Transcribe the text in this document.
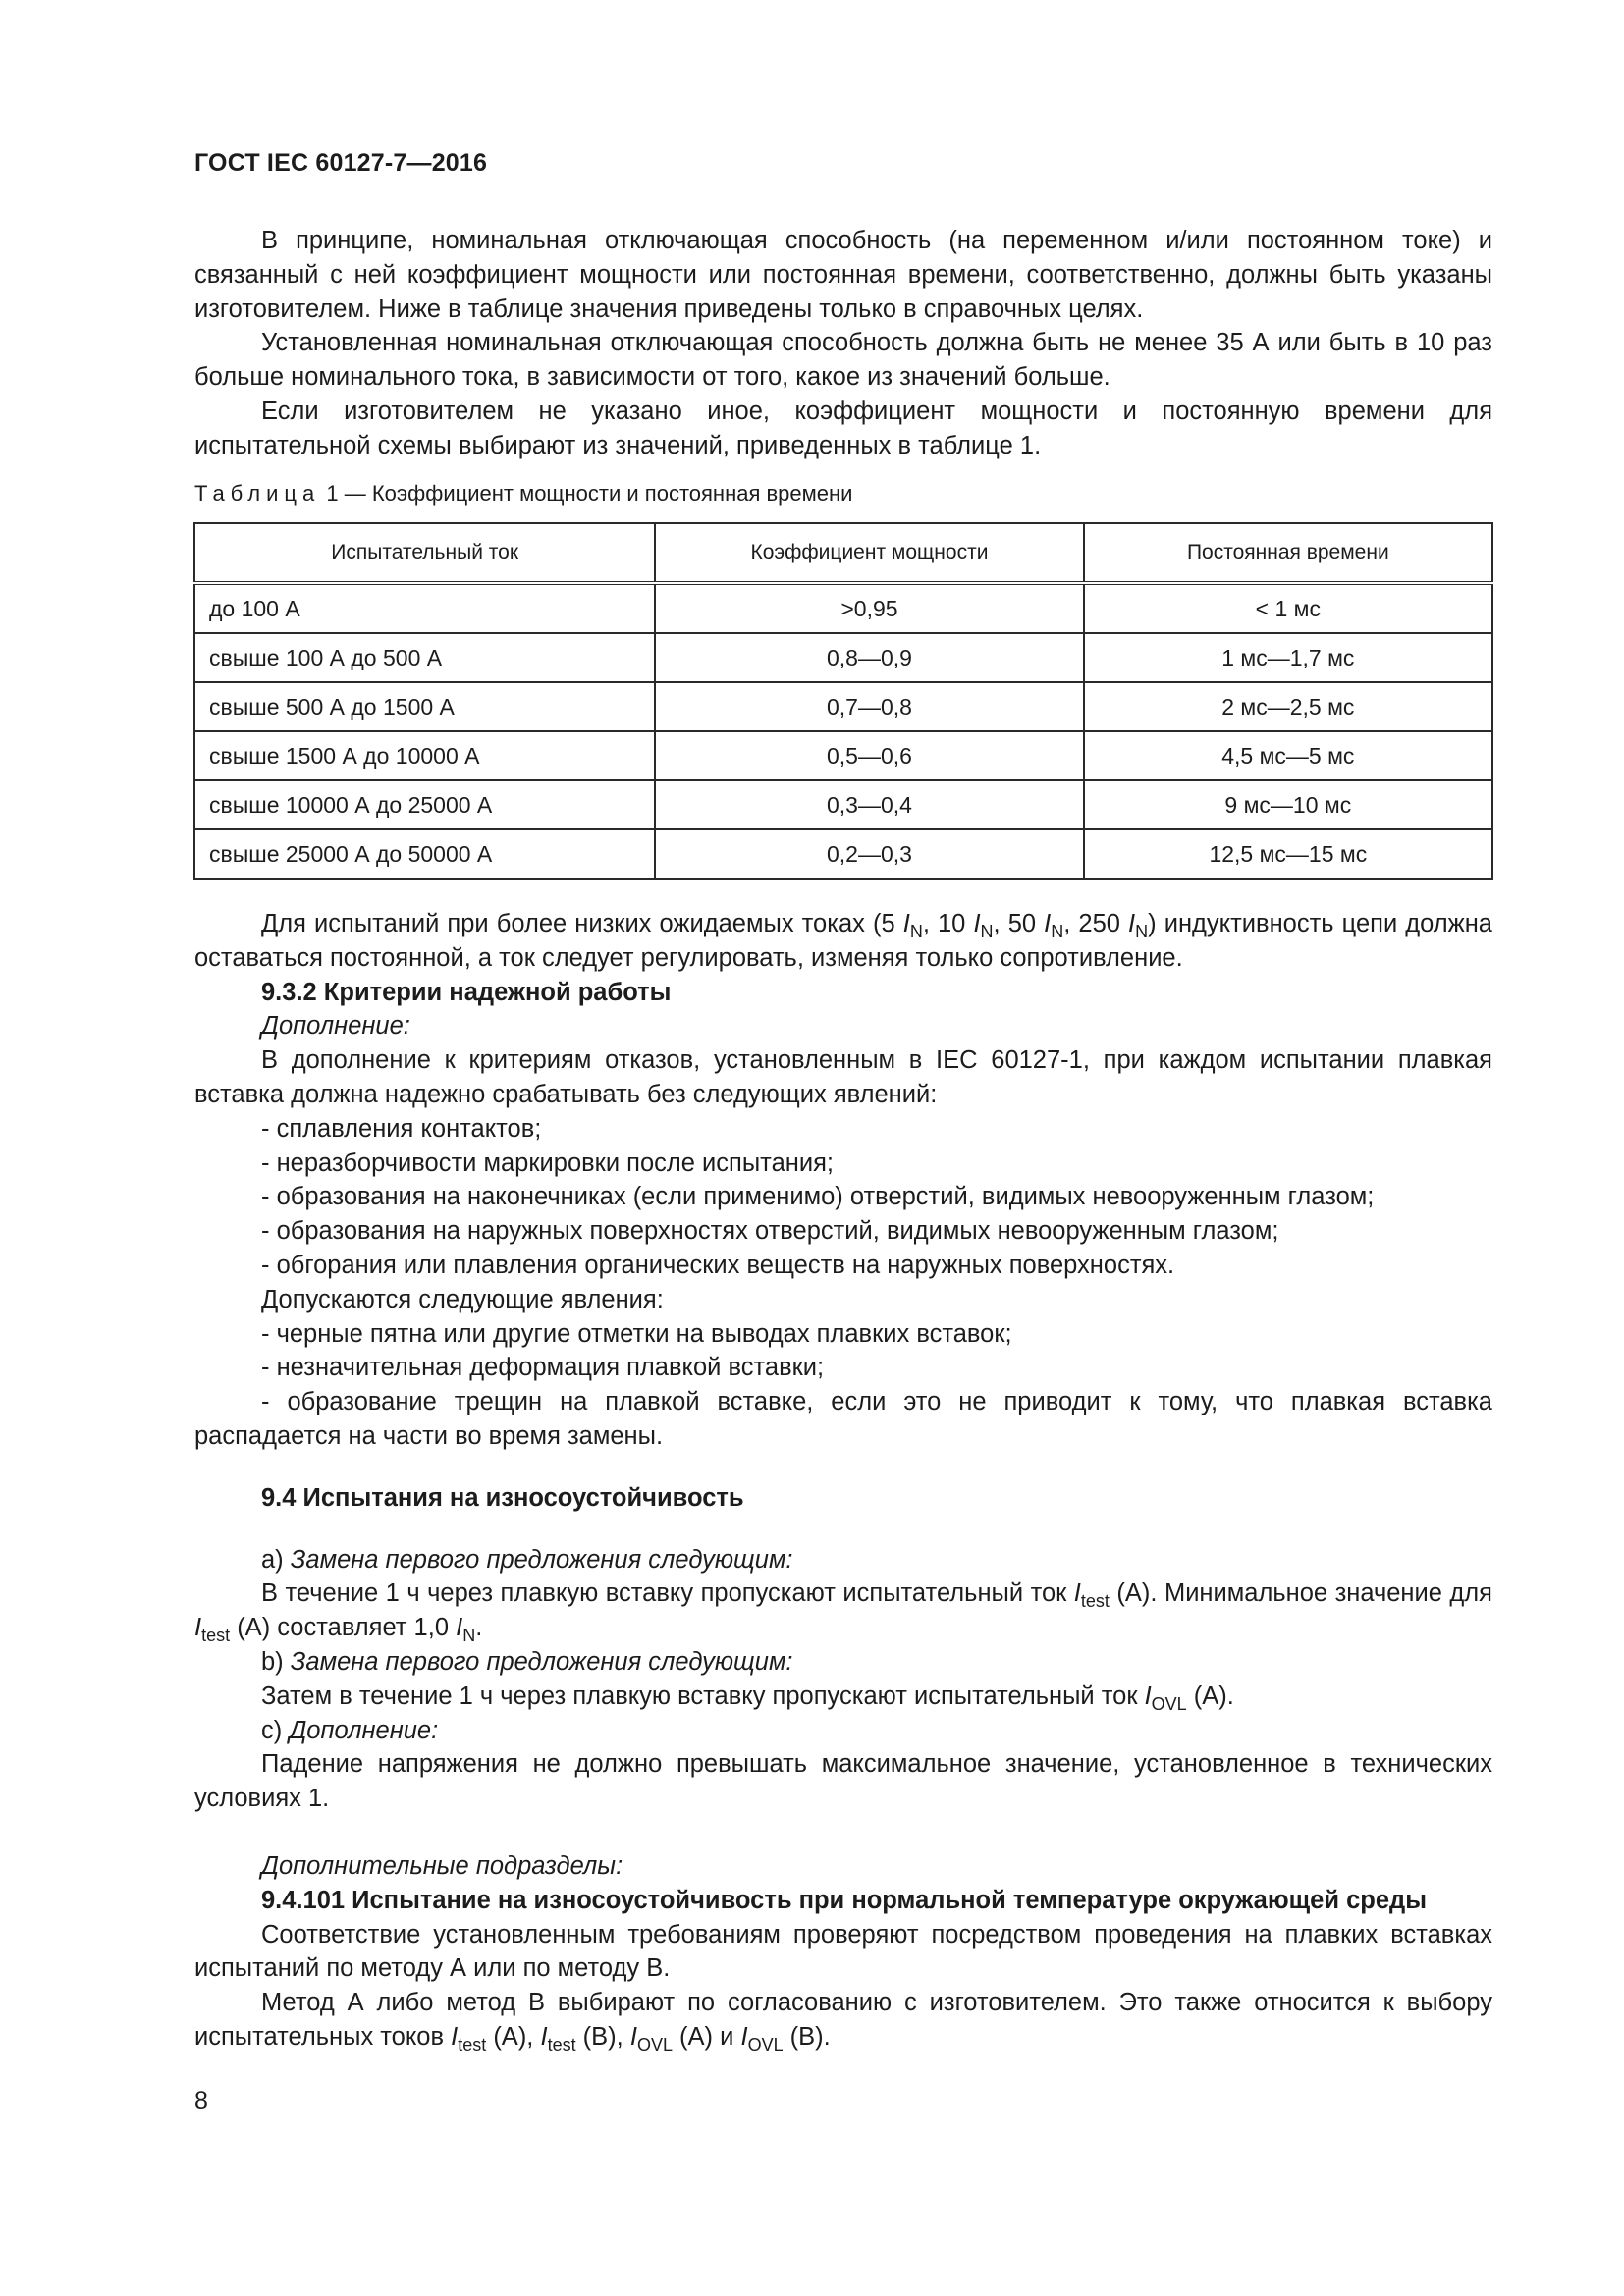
ГОСТ IEC 60127-7—2016

В принципе, номинальная отключающая способность (на переменном и/или постоянном токе) и связанный с ней коэффициент мощности или постоянная времени, соответственно, должны быть указаны изготовителем. Ниже в таблице значения приведены только в справочных целях.

Установленная номинальная отключающая способность должна быть не менее 35 А или быть в 10 раз больше номинального тока, в зависимости от того, какое из значений больше.

Если изготовителем не указано иное, коэффициент мощности и постоянную времени для испытательной схемы выбирают из значений, приведенных в таблице 1.

Таблица 1 — Коэффициент мощности и постоянная времени
Испытательный ток	Коэффициент мощности	Постоянная времени
до 100 А	>0,95	< 1 мс
свыше 100 А до 500 А	0,8—0,9	1 мс—1,7 мс
свыше 500 А до 1500 А	0,7—0,8	2 мс—2,5 мс
свыше 1500 А до 10000 А	0,5—0,6	4,5 мс—5 мс
свыше 10000 А до 25000 А	0,3—0,4	9 мс—10 мс
свыше 25000 А до 50000 А	0,2—0,3	12,5 мс—15 мс

Для испытаний при более низких ожидаемых токах (5 $I_N$, 10 $I_N$, 50 $I_N$, 250 $I_N$) индуктивность цепи должна оставаться постоянной, а ток следует регулировать, изменяя только сопротивление.

9.3.2 Критерии надежной работы

Дополнение:

В дополнение к критериям отказов, установленным в IEC 60127-1, при каждом испытании плавкая вставка должна надежно срабатывать без следующих явлений:

- сплавления контактов;

- неразборчивости маркировки после испытания;

- образования на наконечниках (если применимо) отверстий, видимых невооруженным глазом;

- образования на наружных поверхностях отверстий, видимых невооруженным глазом;

- обгорания или плавления органических веществ на наружных поверхностях.

Допускаются следующие явления:

- черные пятна или другие отметки на выводах плавких вставок;

- незначительная деформация плавкой вставки;

- образование трещин на плавкой вставке, если это не приводит к тому, что плавкая вставка распадается на части во время замены.

9.4 Испытания на износоустойчивость

a) Замена первого предложения следующим:

В течение 1 ч через плавкую вставку пропускают испытательный ток $I_{test}$ (А). Минимальное значение для $I_{test}$ (А) составляет 1,0 $I_N$.

b) Замена первого предложения следующим:

Затем в течение 1 ч через плавкую вставку пропускают испытательный ток $I_{OVL}$ (А).

c) Дополнение:

Падение напряжения не должно превышать максимальное значение, установленное в технических условиях 1.

Дополнительные подразделы:

9.4.101 Испытание на износоустойчивость при нормальной температуре окружающей среды

Соответствие установленным требованиям проверяют посредством проведения на плавких вставках испытаний по методу А или по методу В.

Метод А либо метод В выбирают по согласованию с изготовителем. Это также относится к выбору испытательных токов $I_{test}$ (А), $I_{test}$ (В), $I_{OVL}$ (А) и $I_{OVL}$ (В).

8
